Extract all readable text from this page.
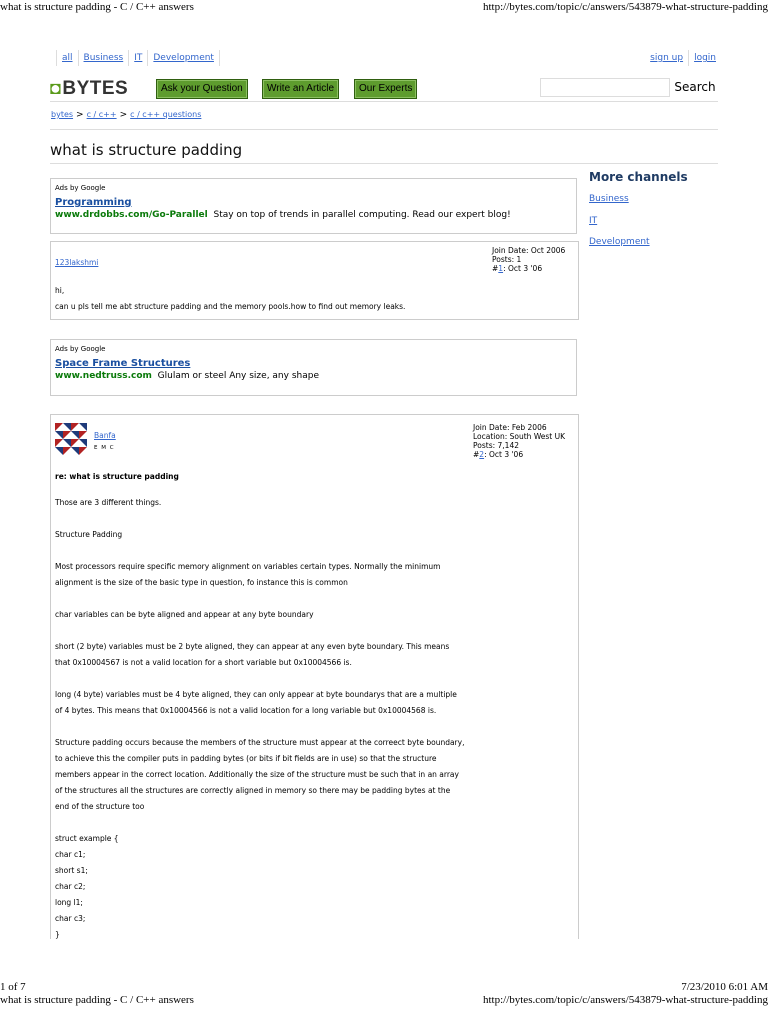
what is structure padding - C / C++ answers	http://bytes.com/topic/c/answers/543879-what-structure-padding
all Business IT Development	sign up login
◘BYTES	Ask your Question	Write an Article	Our Experts	Search
bytes > c / c++ > c / c++ questions
what is structure padding
Ads by Google
Programming
www.drdobbs.com/Go-Parallel Stay on top of trends in parallel computing. Read our expert blog!
123lakshmi
Join Date: Oct 2006
Posts: 1
#1: Oct 3 '06
hi,
can u pls tell me abt structure padding and the memory pools.how to find out memory leaks.
Ads by Google
Space Frame Structures
www.nedtruss.com Glulam or steel Any size, any shape
Banfa
E M C
Join Date: Feb 2006
Location: South West UK
Posts: 7,142
#2: Oct 3 '06
re: what is structure padding
Those are 3 different things.
Structure Padding
Most processors require specific memory alignment on variables certain types. Normally the minimum
alignment is the size of the basic type in question, fo instance this is common
char variables can be byte aligned and appear at any byte boundary
short (2 byte) variables must be 2 byte aligned, they can appear at any even byte boundary. This means
that 0x10004567 is not a valid location for a short variable but 0x10004566 is.
long (4 byte) variables must be 4 byte aligned, they can only appear at byte boundarys that are a multiple
of 4 bytes. This means that 0x10004566 is not a valid location for a long variable but 0x10004568 is.
Structure padding occurs because the members of the structure must appear at the correect byte boundary,
to achieve this the compiler puts in padding bytes (or bits if bit fields are in use) so that the structure
members appear in the correct location. Additionally the size of the structure must be such that in an array
of the structures all the structures are correctly aligned in memory so there may be padding bytes at the
end of the structure too
struct example {
char c1;
short s1;
char c2;
long l1;
char c3;
}
More channels
Business
IT
Development
1 of 7	7/23/2010 6:01 AM
what is structure padding - C / C++ answers	http://bytes.com/topic/c/answers/543879-what-structure-padding
